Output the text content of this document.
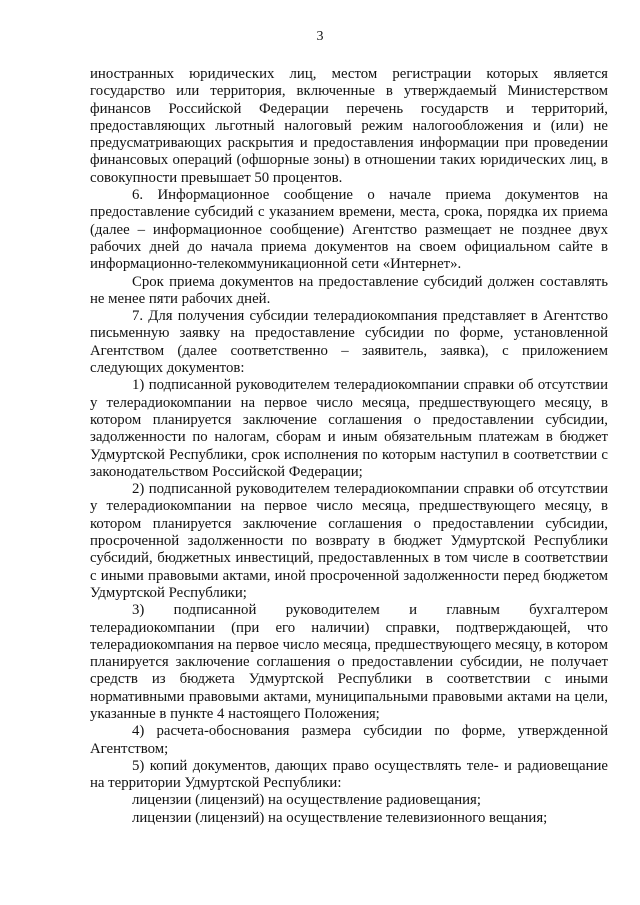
3

иностранных юридических лиц, местом регистрации которых является государство или территория, включенные в утверждаемый Министерством финансов Российской Федерации перечень государств и территорий, предоставляющих льготный налоговый режим налогообложения и (или) не предусматривающих раскрытия и предоставления информации при проведении финансовых операций (офшорные зоны) в отношении таких юридических лиц, в совокупности превышает 50 процентов.

6. Информационное сообщение о начале приема документов на предоставление субсидий с указанием времени, места, срока, порядка их приема (далее – информационное сообщение) Агентство размещает не позднее двух рабочих дней до начала приема документов на своем официальном сайте в информационно-телекоммуникационной сети «Интернет».

Срок приема документов на предоставление субсидий должен составлять не менее пяти рабочих дней.

7. Для получения субсидии телерадиокомпания представляет в Агентство письменную заявку на предоставление субсидии по форме, установленной Агентством (далее соответственно – заявитель, заявка), с приложением следующих документов:

1) подписанной руководителем телерадиокомпании справки об отсутствии у телерадиокомпании на первое число месяца, предшествующего месяцу, в котором планируется заключение соглашения о предоставлении субсидии, задолженности по налогам, сборам и иным обязательным платежам в бюджет Удмуртской Республики, срок исполнения по которым наступил в соответствии с законодательством Российской Федерации;

2) подписанной руководителем телерадиокомпании справки об отсутствии у телерадиокомпании на первое число месяца, предшествующего месяцу, в котором планируется заключение соглашения о предоставлении субсидии, просроченной задолженности по возврату в бюджет Удмуртской Республики субсидий, бюджетных инвестиций, предоставленных в том числе в соответствии с иными правовыми актами, иной просроченной задолженности перед бюджетом Удмуртской Республики;

3) подписанной руководителем и главным бухгалтером телерадиокомпании (при его наличии) справки, подтверждающей, что телерадиокомпания на первое число месяца, предшествующего месяцу, в котором планируется заключение соглашения о предоставлении субсидии, не получает средств из бюджета Удмуртской Республики в соответствии с иными нормативными правовыми актами, муниципальными правовыми актами на цели, указанные в пункте 4 настоящего Положения;

4) расчета-обоснования размера субсидии по форме, утвержденной Агентством;

5) копий документов, дающих право осуществлять теле- и радиовещание на территории Удмуртской Республики:

лицензии (лицензий) на осуществление радиовещания;

лицензии (лицензий) на осуществление телевизионного вещания;
